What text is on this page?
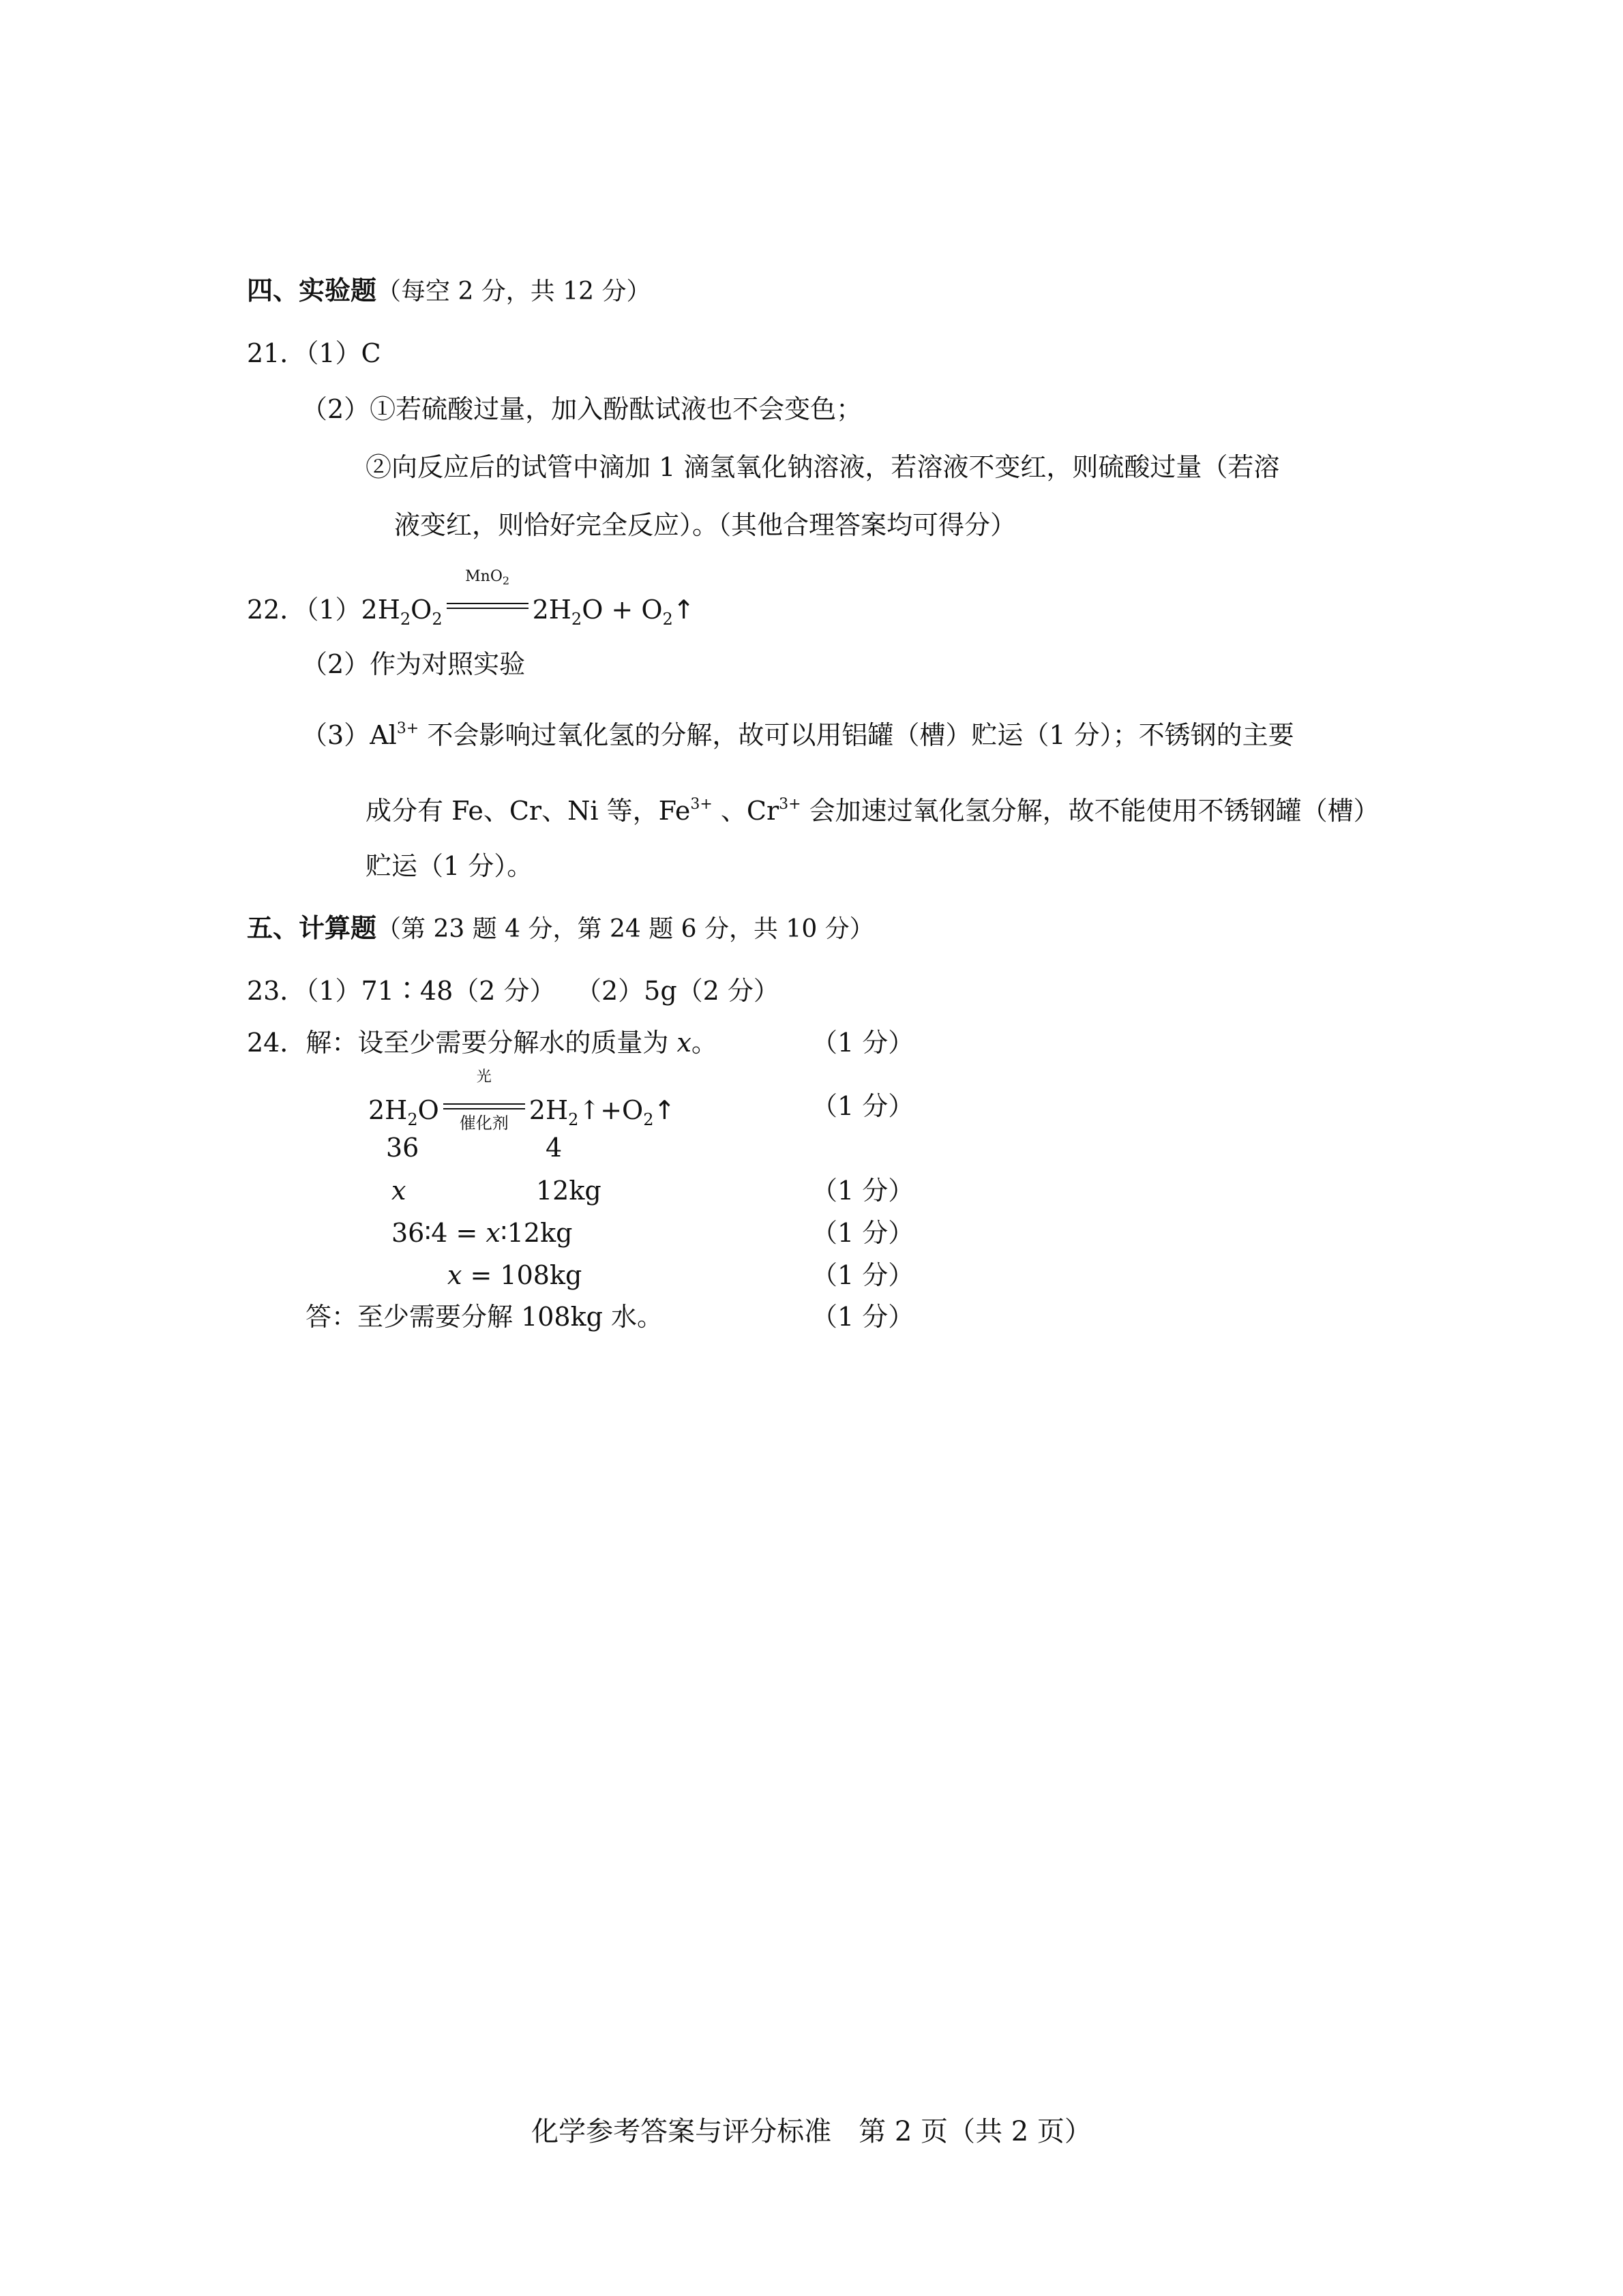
四、实验题（每空 2 分，共 12 分）
21．（1）C
（2）①若硫酸过量，加入酚酞试液也不会变色；
②向反应后的试管中滴加 1 滴氢氧化钠溶液，若溶液不变红，则硫酸过量（若溶
液变红，则恰好完全反应）。（其他合理答案均可得分）
22．$(1)2H_2O_2$
MnO$_2$
$2H_2O$ + $O_2↑$
（2）作为对照实验
$(3)Al^{3+}$ 不会影响过氧化氢的分解，故可以用铝罐（槽）贮运（1 分）；不锈钢的主要
成分有 Fe、Cr、Ni 等，$Fe^{3+}$ 、$Cr^{3+}$ 会加速过氧化氢分解，故不能使用不锈钢罐（槽）
贮运（1 分）。
五、计算题（第 23 题 4 分，第 24 题 6 分，共 10 分）
23．（1）71∶48（2 分） （2）5g（2 分）
24．解：设至少需要分解水的质量为 x。	（1 分）
$2H_2O$
光
催化剂 $2H_2↑+O_2↑$	（1 分）
36	4
x	12kg	（1 分）
36∶4 = x∶12kg	（1 分）
x = 108kg	（1 分）
答：至少需要分解 108kg 水。	（1 分）
化学参考答案与评分标准　第 2 页（共 2 页）
